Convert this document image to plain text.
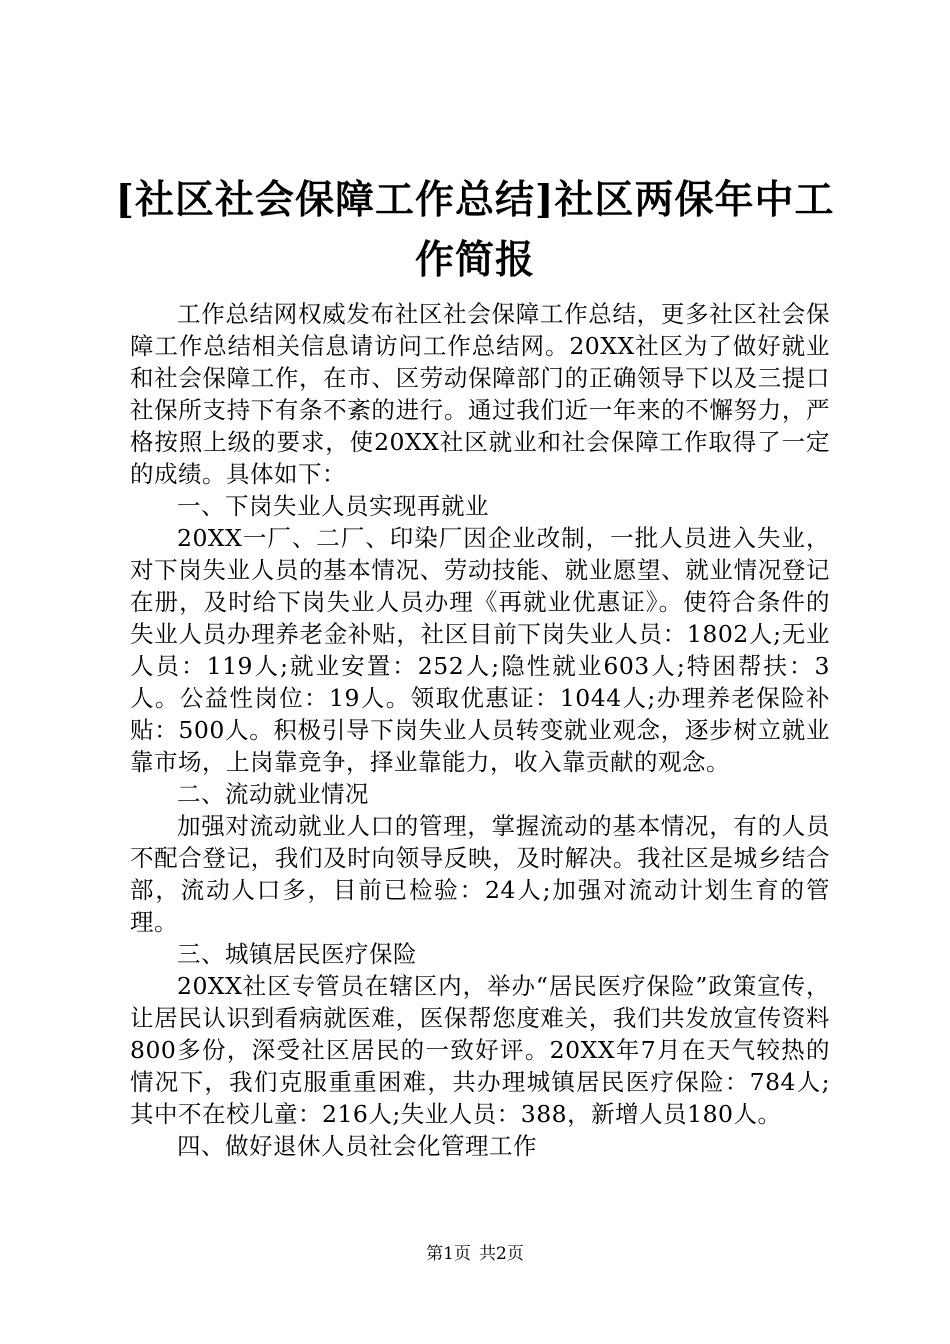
[社区社会保障工作总结]社区两保年中工作简报

工作总结网权威发布社区社会保障工作总结，更多社区社会保障工作总结相关信息请访问工作总结网。20XX社区为了做好就业和社会保障工作，在市、区劳动保障部门的正确领导下以及三提口社保所支持下有条不紊的进行。通过我们近一年来的不懈努力，严格按照上级的要求，使20XX社区就业和社会保障工作取得了一定的成绩。具体如下：

一、下岗失业人员实现再就业

20XX一厂、二厂、印染厂因企业改制，一批人员进入失业，对下岗失业人员的基本情况、劳动技能、就业愿望、就业情况登记在册，及时给下岗失业人员办理《再就业优惠证》。使符合条件的失业人员办理养老金补贴，社区目前下岗失业人员：1802人;无业人员：119人;就业安置：252人;隐性就业603人;特困帮扶：3人。公益性岗位：19人。领取优惠证：1044人;办理养老保险补贴：500人。积极引导下岗失业人员转变就业观念，逐步树立就业靠市场，上岗靠竞争，择业靠能力，收入靠贡献的观念。

二、流动就业情况

加强对流动就业人口的管理，掌握流动的基本情况，有的人员不配合登记，我们及时向领导反映，及时解决。我社区是城乡结合部，流动人口多，目前已检验：24人;加强对流动计划生育的管理。

三、城镇居民医疗保险

20XX社区专管员在辖区内，举办“居民医疗保险”政策宣传，让居民认识到看病就医难，医保帮您度难关，我们共发放宣传资料800多份，深受社区居民的一致好评。20XX年7月在天气较热的情况下，我们克服重重困难，共办理城镇居民医疗保险：784人;其中不在校儿童：216人;失业人员：388，新增人员180人。

四、做好退休人员社会化管理工作

第1页 共2页
